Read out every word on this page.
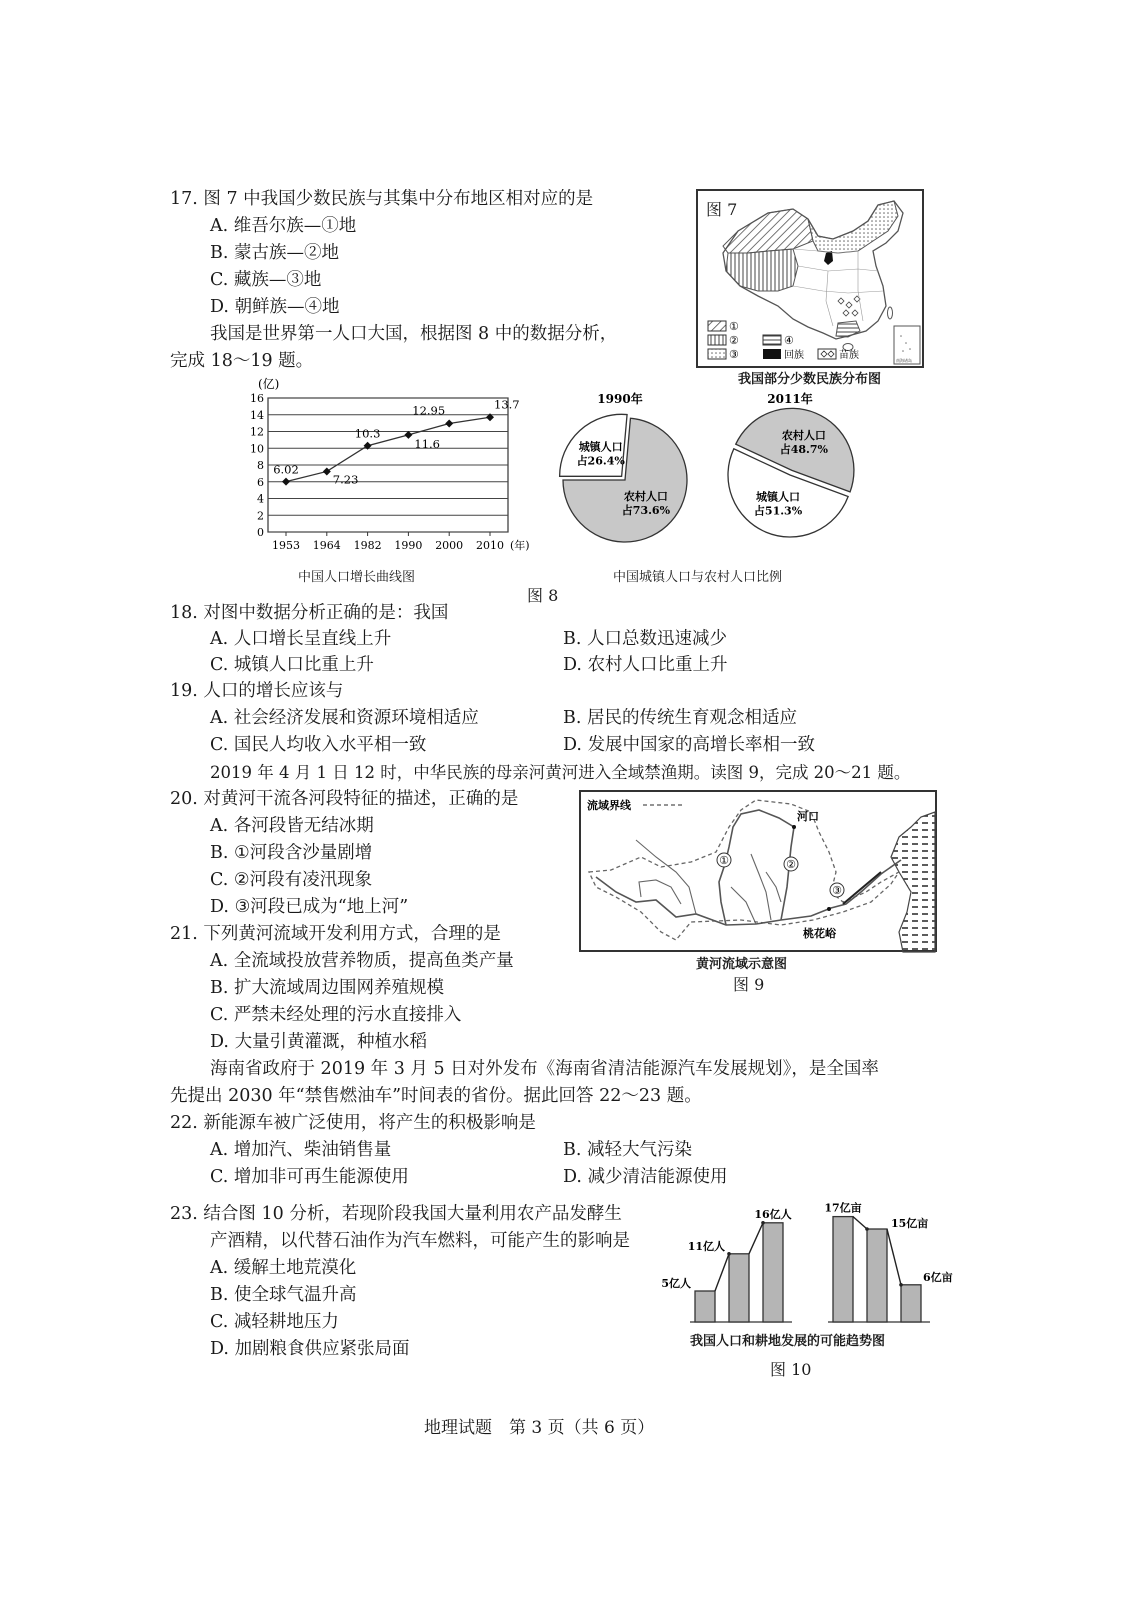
17. 图 7 中我国少数民族与其集中分布地区相对应的是
A. 维吾尔族—①地
B. 蒙古族—②地
C. 藏族—③地
D. 朝鲜族—④地
我国是世界第一人口大国，根据图 8 中的数据分析，
完成 18～19 题。
图 7
南海诸岛
①
②
③
④
回族	苗族
我国部分少数民族分布图
(亿)
(年)
0
2
4
6
8
10
12
14
16
1953 1964 1982 1990 2000 2010
6.02
7.23
10.3
11.6
12.95	13.7
中国人口增长曲线图
1990年	2011年
城镇人口
占26.4%
农村人口
占73.6%
农村人口
占48.7%
城镇人口
占51.3%
中国城镇人口与农村人口比例
图 8
18. 对图中数据分析正确的是：我国
A. 人口增长呈直线上升	B. 人口总数迅速减少
C. 城镇人口比重上升	D. 农村人口比重上升
19. 人口的增长应该与
A. 社会经济发展和资源环境相适应	B. 居民的传统生育观念相适应
C. 国民人均收入水平相一致	D. 发展中国家的高增长率相一致
2019 年 4 月 1 日 12 时，中华民族的母亲河黄河进入全域禁渔期。读图 9，完成 20～21 题。
20. 对黄河干流各河段特征的描述，正确的是
A. 各河段皆无结冰期
B. ①河段含沙量剧增
C. ②河段有凌汛现象
D. ③河段已成为“地上河”
21. 下列黄河流域开发利用方式，合理的是
A. 全流域投放营养物质，提高鱼类产量
B. 扩大流域周边围网养殖规模
C. 严禁未经处理的污水直接排入
D. 大量引黄灌溉，种植水稻
流域界线
①	②
③
河口
桃花峪
黄河流域示意图
图 9
海南省政府于 2019 年 3 月 5 日对外发布《海南省清洁能源汽车发展规划》，是全国率
先提出 2030 年“禁售燃油车”时间表的省份。据此回答 22～23 题。
22. 新能源车被广泛使用，将产生的积极影响是
A. 增加汽、柴油销售量	B. 减轻大气污染
C. 增加非可再生能源使用	D. 减少清洁能源使用
23. 结合图 10 分析，若现阶段我国大量利用农产品发酵生
产酒精，以代替石油作为汽车燃料，可能产生的影响是
A. 缓解土地荒漠化
B. 使全球气温升高
C. 减轻耕地压力
D. 加剧粮食供应紧张局面
5亿人
11亿人
16亿人	17亿亩
15亿亩
6亿亩
我国人口和耕地发展的可能趋势图
图 10
地理试题　第 3 页（共 6 页）
